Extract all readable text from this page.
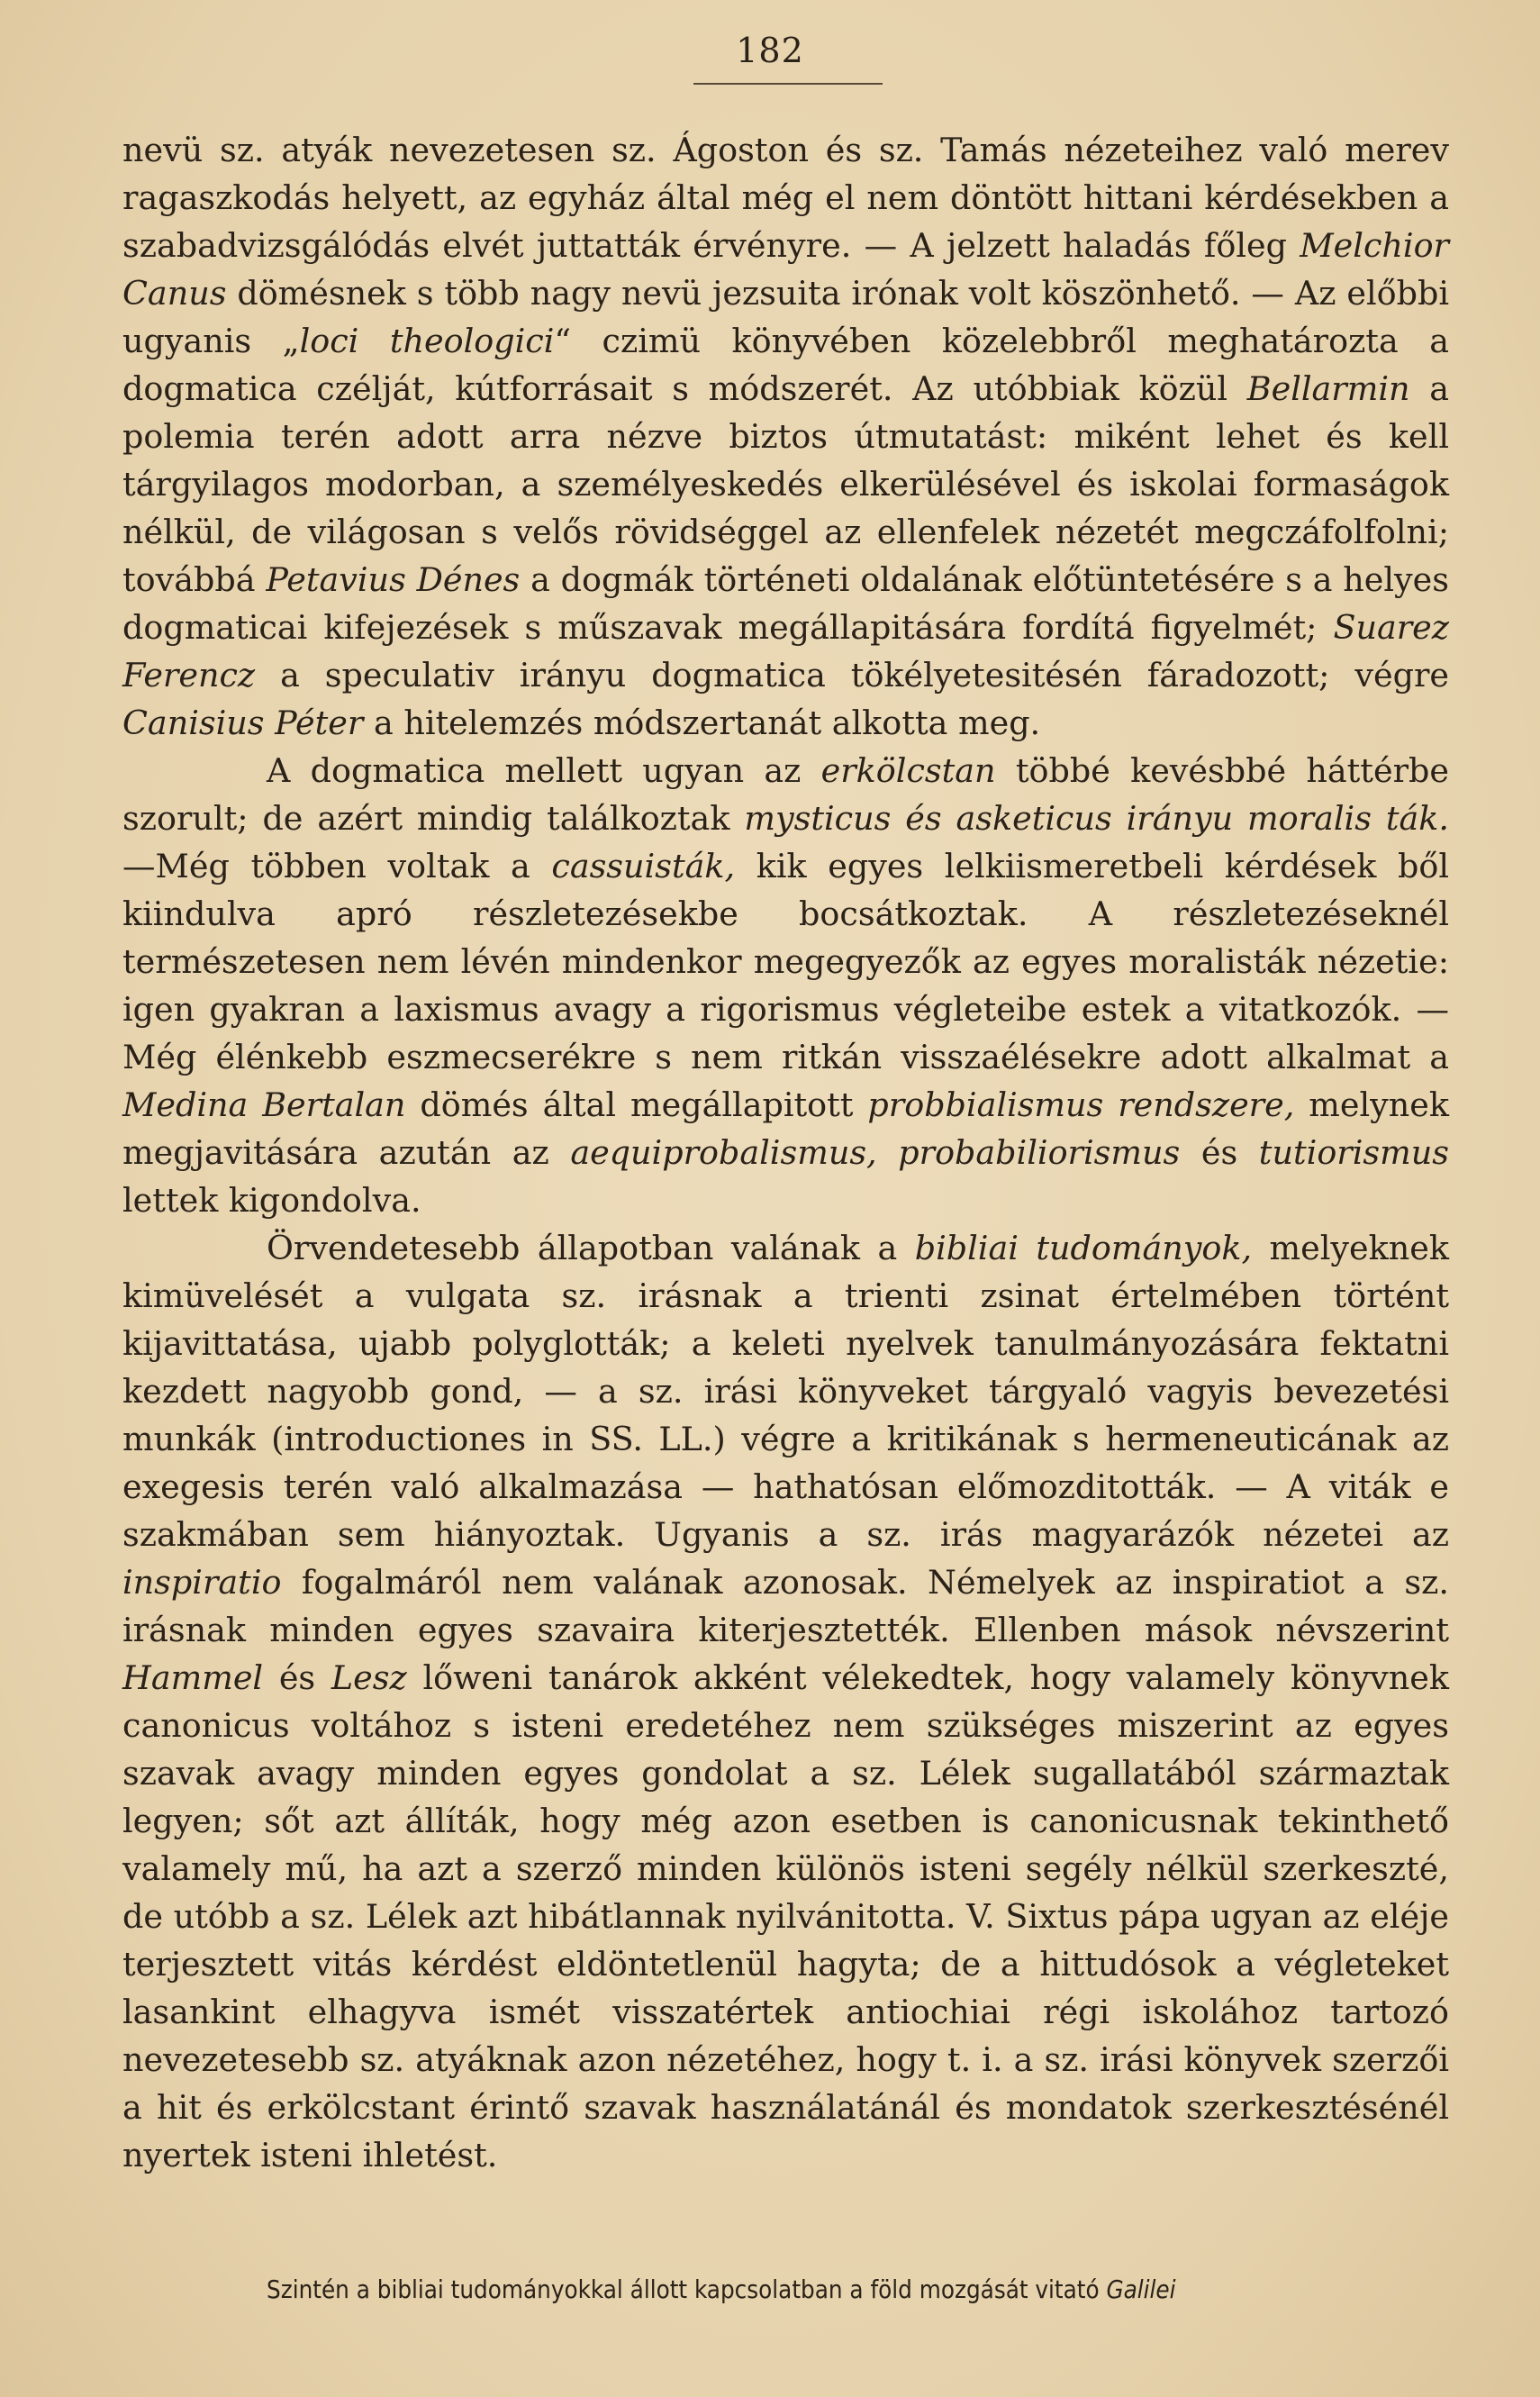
182

nevü sz. atyák nevezetesen sz. Ágoston és sz. Tamás nézeteihez való merev ragaszkodás helyett, az egyház által még el nem döntött hittani kérdésekben a szabadvizsgálódás elvét juttatták érvényre. — A jelzett haladás főleg Melchior Canus dömésnek s több nagy nevü jezsuita irónak volt köszönhető. — Az előbbi ugyanis „loci theologici“ czimü könyvében közelebbről meghatározta a dogmatica czélját, kútforrásait s módszerét. Az utóbbiak közül Bellarmin a polemia terén adott arra nézve biztos útmutatást: miként lehet és kell tárgyilagos modorban, a személyeskedés elkerülésével és iskolai formaságok nélkül, de világosan s velős rövidséggel az ellenfelek nézetét megczáfolfolni; továbbá Petavius Dénes a dogmák történeti oldalának előtüntetésére s a helyes dogmaticai kifejezések s műszavak megállapitására fordítá figyelmét; Suarez Ferencz a speculativ irányu dogmatica tökélyetesitésén fáradozott; végre Canisius Péter a hitelemzés módszertanát alkotta meg.

A dogmatica mellett ugyan az erkölcstan többé kevésbbé háttérbe szorult; de azért mindig találkoztak mysticus és asketicus irányu moralis ták. —Még többen voltak a cassuisták, kik egyes lelkiismeretbeli kérdések ből kiindulva apró részletezésekbe bocsátkoztak. A részletezéseknél természetesen nem lévén mindenkor megegyezők az egyes moralisták nézetie: igen gyakran a laxismus avagy a rigorismus végleteibe estek a vitatkozók. — Még élénkebb eszmecserékre s nem ritkán visszaélésekre adott alkalmat a Medina Bertalan dömés által megállapitott probbialismus rendszere, melynek megjavitására azután az aequiprobalismus, probabiliorismus és tutiorismus lettek kigondolva.

Örvendetesebb állapotban valának a bibliai tudományok, melyeknek kimüvelését a vulgata sz. irásnak a trienti zsinat értelmében történt kijavittatása, ujabb polyglották; a keleti nyelvek tanulmányozására fektatni kezdett nagyobb gond, — a sz. irási könyveket tárgyaló vagyis bevezetési munkák (introductiones in SS. LL.) végre a kritikának s hermeneuticának az exegesis terén való alkalmazása — hathatósan előmozditották. — A viták e szakmában sem hiányoztak. Ugyanis a sz. irás magyarázók nézetei az inspiratio fogalmáról nem valának azonosak. Némelyek az inspiratiot a sz. irásnak minden egyes szavaira kiterjesztették. Ellenben mások névszerint Hammel és Lesz lőweni tanárok akként vélekedtek, hogy valamely könyvnek canonicus voltához s isteni eredetéhez nem szükséges miszerint az egyes szavak avagy minden egyes gondolat a sz. Lélek sugallatából származtak legyen; sőt azt állíták, hogy még azon esetben is canonicusnak tekinthető valamely mű, ha azt a szerző minden különös isteni segély nélkül szerkeszté, de utóbb a sz. Lélek azt hibátlannak nyilvánitotta. V. Sixtus pápa ugyan az eléje terjesztett vitás kérdést eldöntetlenül hagyta; de a hittudósok a végleteket lasankint elhagyva ismét visszatértek antiochiai régi iskolához tartozó nevezetesebb sz. atyáknak azon nézetéhez, hogy t. i. a sz. irási könyvek szerzői a hit és erkölcstant érintő szavak használatánál és mondatok szerkesztésénél nyertek isteni ihletést.

Szintén a bibliai tudományokkal állott kapcsolatban a föld mozgását vitató Galilei
